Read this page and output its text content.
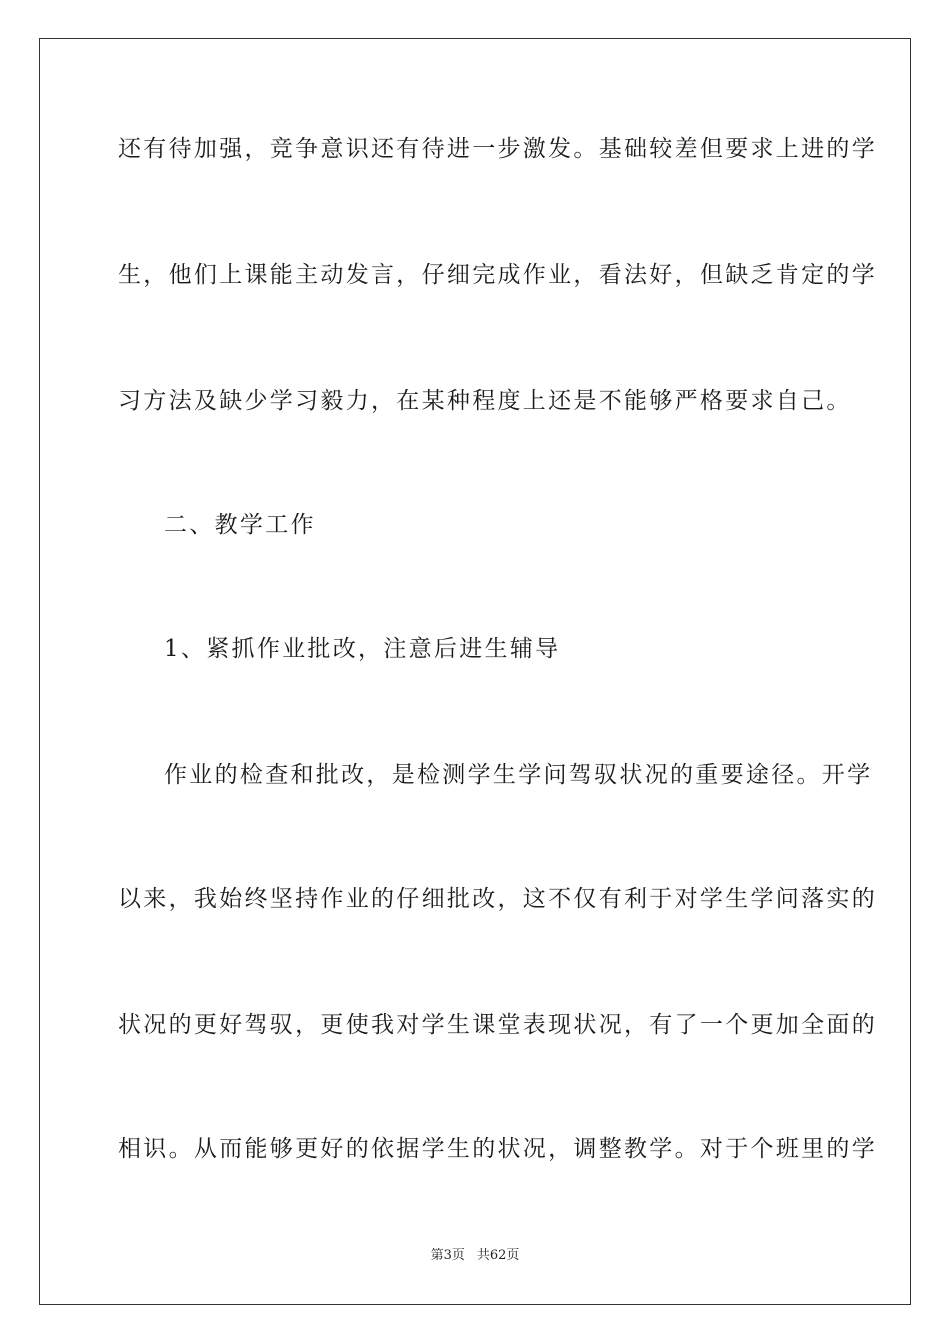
还有待加强，竞争意识还有待进一步激发。基础较差但要求上进的学
生，他们上课能主动发言，仔细完成作业，看法好，但缺乏肯定的学
习方法及缺少学习毅力，在某种程度上还是不能够严格要求自己。
二、教学工作
1、紧抓作业批改，注意后进生辅导
作业的检查和批改，是检测学生学问驾驭状况的重要途径。开学
以来，我始终坚持作业的仔细批改，这不仅有利于对学生学问落实的
状况的更好驾驭，更使我对学生课堂表现状况，有了一个更加全面的
相识。从而能够更好的依据学生的状况，调整教学。对于个班里的学
第3页 共62页
